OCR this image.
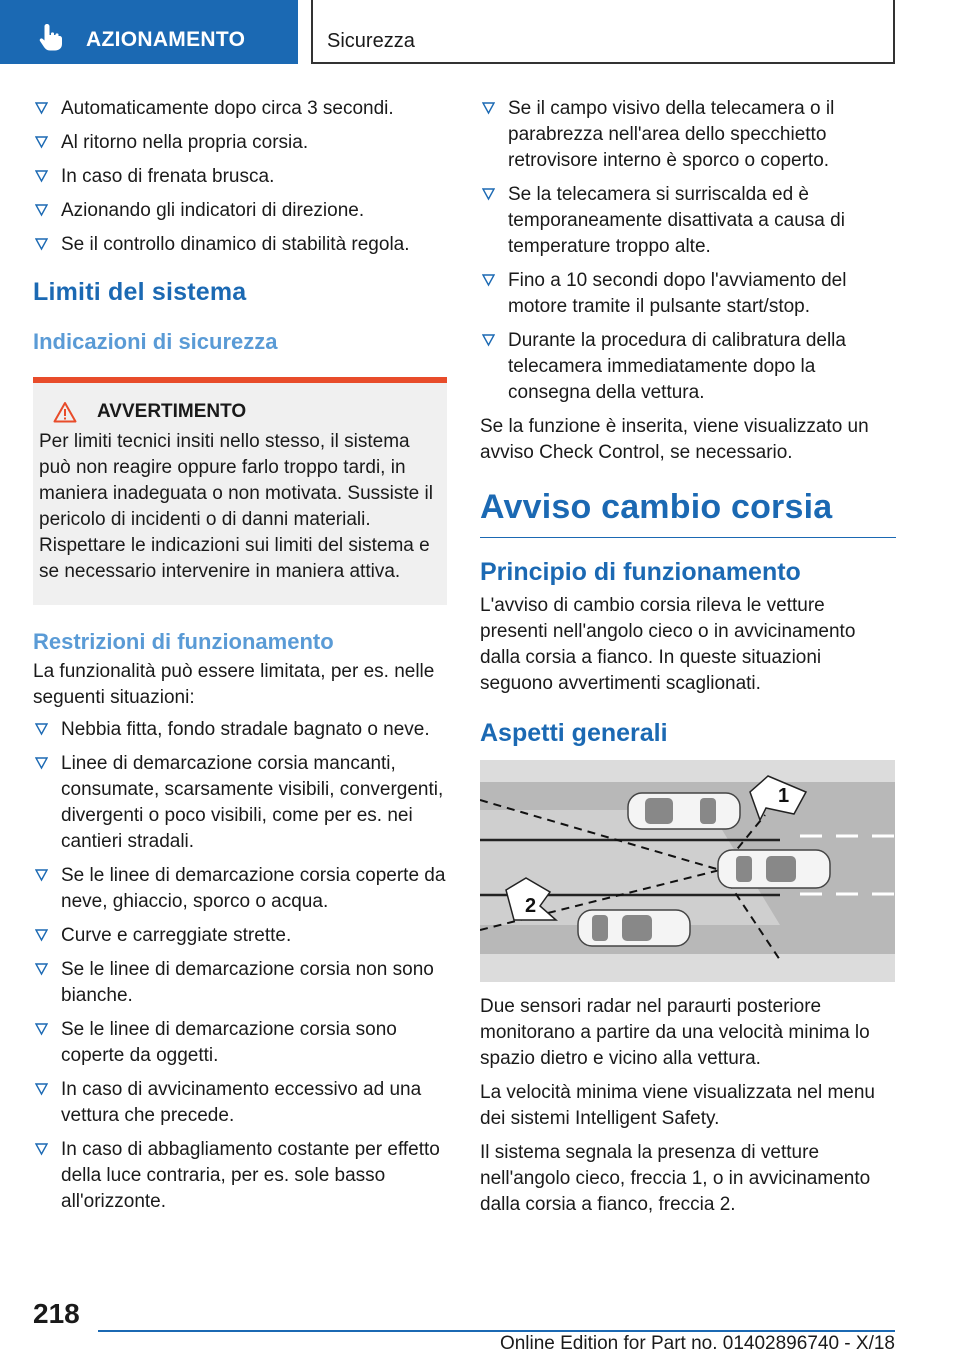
AZIONAMENTO	Sicurezza
Automaticamente dopo circa 3 secondi.
Al ritorno nella propria corsia.
In caso di frenata brusca.
Azionando gli indicatori di direzione.
Se il controllo dinamico di stabilità regola.
Limiti del sistema
Indicazioni di sicurezza
AVVERTIMENTO
Per limiti tecnici insiti nello stesso, il sistema può non reagire oppure farlo troppo tardi, in maniera inadeguata o non motivata. Sussiste il pericolo di incidenti o di danni materiali. Rispettare le indicazioni sui limiti del sistema e se necessario intervenire in maniera attiva.
Restrizioni di funzionamento
La funzionalità può essere limitata, per es. nelle seguenti situazioni:
Nebbia fitta, fondo stradale bagnato o neve.
Linee di demarcazione corsia mancanti, consumate, scarsamente visibili, convergenti, divergenti o poco visibili, come per es. nei cantieri stradali.
Se le linee di demarcazione corsia coperte da neve, ghiaccio, sporco o acqua.
Curve e carreggiate strette.
Se le linee di demarcazione corsia non sono bianche.
Se le linee di demarcazione corsia sono coperte da oggetti.
In caso di avvicinamento eccessivo ad una vettura che precede.
In caso di abbagliamento costante per effetto della luce contraria, per es. sole basso all'orizzonte.
Se il campo visivo della telecamera o il parabrezza nell'area dello specchietto retrovisore interno è sporco o coperto.
Se la telecamera si surriscalda ed è temporaneamente disattivata a causa di temperature troppo alte.
Fino a 10 secondi dopo l'avviamento del motore tramite il pulsante start/stop.
Durante la procedura di calibratura della telecamera immediatamente dopo la consegna della vettura.
Se la funzione è inserita, viene visualizzato un avviso Check Control, se necessario.
Avviso cambio corsia
Principio di funzionamento
L'avviso di cambio corsia rileva le vetture presenti nell'angolo cieco o in avvicinamento dalla corsia a fianco. In queste situazioni seguono avvertimenti scaglionati.
Aspetti generali
1
2
Due sensori radar nel paraurti posteriore monitorano a partire da una velocità minima lo spazio dietro e vicino alla vettura.
La velocità minima viene visualizzata nel menu dei sistemi Intelligent Safety.
Il sistema segnala la presenza di vetture nell'angolo cieco, freccia 1, o in avvicinamento dalla corsia a fianco, freccia 2.
218
Online Edition for Part no. 01402896740 - X/18
